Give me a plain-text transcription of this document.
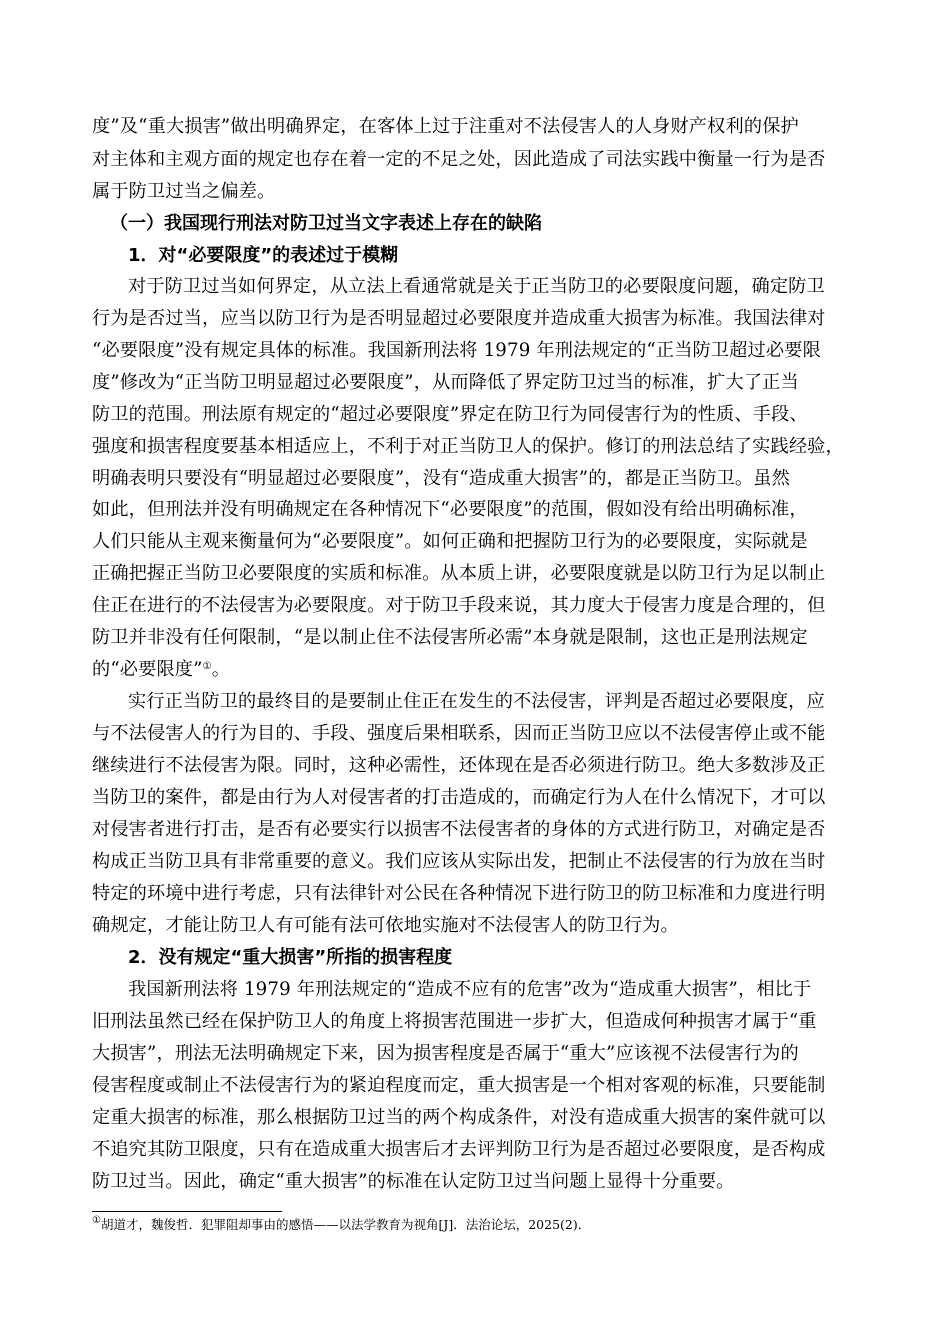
度”及“重大损害”做出明确界定，在客体上过于注重对不法侵害人的人身财产权利的保护
对主体和主观方面的规定也存在着一定的不足之处，因此造成了司法实践中衡量一行为是否
属于防卫过当之偏差。
（一）我国现行刑法对防卫过当文字表述上存在的缺陷
1．对“必要限度”的表述过于模糊
对于防卫过当如何界定，从立法上看通常就是关于正当防卫的必要限度问题，确定防卫
行为是否过当，应当以防卫行为是否明显超过必要限度并造成重大损害为标准。我国法律对
“必要限度”没有规定具体的标准。我国新刑法将 1979 年刑法规定的“正当防卫超过必要限
度”修改为“正当防卫明显超过必要限度”，从而降低了界定防卫过当的标准，扩大了正当
防卫的范围。刑法原有规定的“超过必要限度”界定在防卫行为同侵害行为的性质、手段、
强度和损害程度要基本相适应上，不利于对正当防卫人的保护。修订的刑法总结了实践经验，
明确表明只要没有“明显超过必要限度”，没有“造成重大损害”的，都是正当防卫。虽然
如此，但刑法并没有明确规定在各种情况下“必要限度”的范围，假如没有给出明确标准，
人们只能从主观来衡量何为“必要限度”。如何正确和把握防卫行为的必要限度，实际就是
正确把握正当防卫必要限度的实质和标准。从本质上讲，必要限度就是以防卫行为足以制止
住正在进行的不法侵害为必要限度。对于防卫手段来说，其力度大于侵害力度是合理的，但
防卫并非没有任何限制，“是以制止住不法侵害所必需”本身就是限制，这也正是刑法规定
的“必要限度”①。
实行正当防卫的最终目的是要制止住正在发生的不法侵害，评判是否超过必要限度，应
与不法侵害人的行为目的、手段、强度后果相联系，因而正当防卫应以不法侵害停止或不能
继续进行不法侵害为限。同时，这种必需性，还体现在是否必须进行防卫。绝大多数涉及正
当防卫的案件，都是由行为人对侵害者的打击造成的，而确定行为人在什么情况下，才可以
对侵害者进行打击，是否有必要实行以损害不法侵害者的身体的方式进行防卫，对确定是否
构成正当防卫具有非常重要的意义。我们应该从实际出发，把制止不法侵害的行为放在当时
特定的环境中进行考虑，只有法律针对公民在各种情况下进行防卫的防卫标准和力度进行明
确规定，才能让防卫人有可能有法可依地实施对不法侵害人的防卫行为。
2．没有规定“重大损害”所指的损害程度
我国新刑法将 1979 年刑法规定的“造成不应有的危害”改为“造成重大损害”，相比于
旧刑法虽然已经在保护防卫人的角度上将损害范围进一步扩大，但造成何种损害才属于“重
大损害”，刑法无法明确规定下来，因为损害程度是否属于“重大”应该视不法侵害行为的
侵害程度或制止不法侵害行为的紧迫程度而定，重大损害是一个相对客观的标准，只要能制
定重大损害的标准，那么根据防卫过当的两个构成条件，对没有造成重大损害的案件就可以
不追究其防卫限度，只有在造成重大损害后才去评判防卫行为是否超过必要限度，是否构成
防卫过当。因此，确定“重大损害”的标准在认定防卫过当问题上显得十分重要。
①胡道才，魏俊哲．犯罪阻却事由的感悟——以法学教育为视角[J]．法治论坛，2025(2)．
